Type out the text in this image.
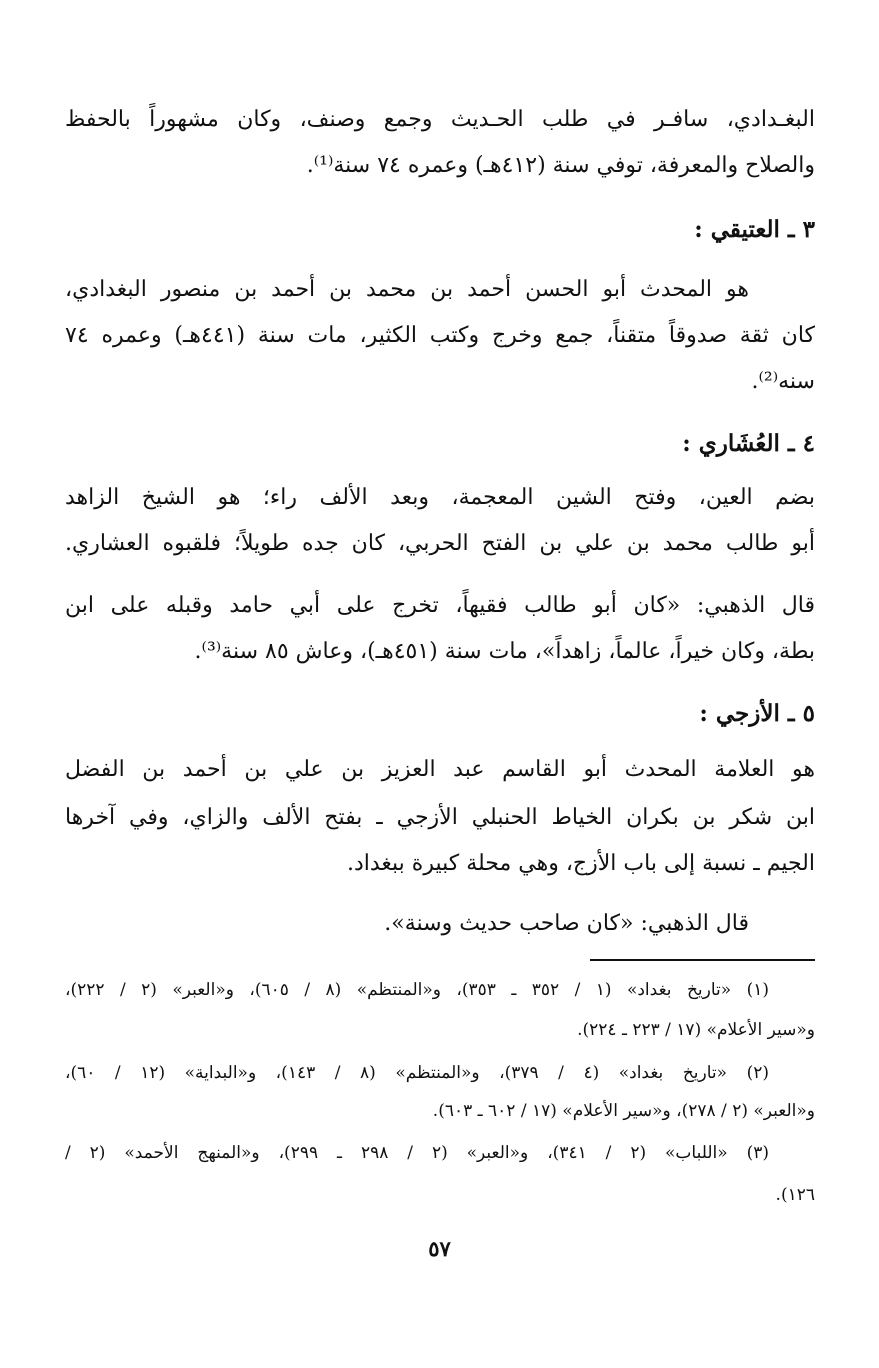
البغـدادي، سافـر في طلب الحـديث وجمع وصنف، وكان مشهوراً بالحفظ
والصلاح والمعرفة، توفي سنة (٤١٢هـ) وعمره ٧٤ سنة⁽¹⁾.
٣ ـ العتيقي :
هو المحدث أبو الحسن أحمد بن محمد بن أحمد بن منصور البغدادي،
كان ثقة صدوقاً متقناً، جمع وخرج وكتب الكثير، مات سنة (٤٤١هـ) وعمره ٧٤
سنه⁽²⁾.
٤ ـ العُشَاري :
بضم العين، وفتح الشين المعجمة، وبعد الألف راء؛ هو الشيخ الزاهد
أبو طالب محمد بن علي بن الفتح الحربي، كان جده طويلاً؛ فلقبوه العشاري.
قال الذهبي: «كان أبو طالب فقيهاً، تخرج على أبي حامد وقبله على ابن
بطة، وكان خيراً، عالماً، زاهداً»، مات سنة (٤٥١هـ)، وعاش ٨٥ سنة⁽³⁾.
٥ ـ الأزجي :
هو العلامة المحدث أبو القاسم عبد العزيز بن علي بن أحمد بن الفضل
ابن شكر بن بكران الخياط الحنبلي الأزجي ـ بفتح الألف والزاي، وفي آخرها
الجيم ـ نسبة إلى باب الأزج، وهي محلة كبيرة ببغداد.
قال الذهبي: «كان صاحب حديث وسنة».
(١) «تاريخ بغداد» (١ / ٣٥٢ ـ ٣٥٣)، و«المنتظم» (٨ / ٦٠٥)، و«العبر» (٢ / ٢٢٢)،
و«سير الأعلام» (١٧ / ٢٢٣ ـ ٢٢٤).
(٢) «تاريخ بغداد» (٤ / ٣٧٩)، و«المنتظم» (٨ / ١٤٣)، و«البداية» (١٢ / ٦٠)،
و«العبر» (٢ / ٢٧٨)، و«سير الأعلام» (١٧ / ٦٠٢ ـ ٦٠٣).
(٣) «اللباب» (٢ / ٣٤١)، و«العبر» (٢ / ٢٩٨ ـ ٢٩٩)، و«المنهج الأحمد» (٢ /
١٢٦).
٥٧
